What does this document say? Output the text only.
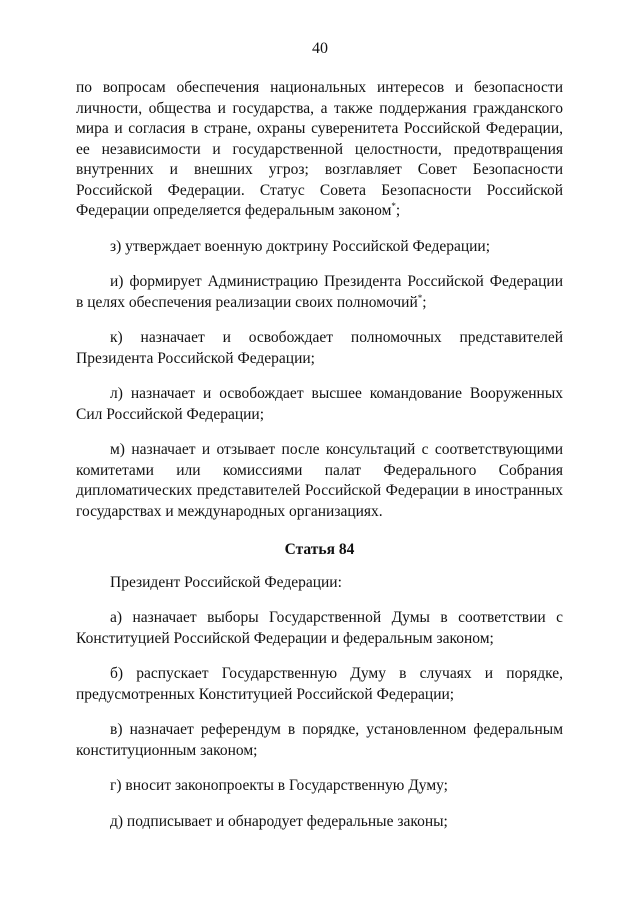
40
по вопросам обеспечения национальных интересов и безопасности личности, общества и государства, а также поддержания гражданского мира и согласия в стране, охраны суверенитета Российской Федерации, ее независимости и государственной целостности, предотвращения внутренних и внешних угроз; возглавляет Совет Безопасности Российской Федерации. Статус Совета Безопасности Российской Федерации определяется федеральным законом*;
з) утверждает военную доктрину Российской Федерации;
и) формирует Администрацию Президента Российской Федерации в целях обеспечения реализации своих полномочий*;
к) назначает и освобождает полномочных представителей Президента Российской Федерации;
л) назначает и освобождает высшее командование Вооруженных Сил Российской Федерации;
м) назначает и отзывает после консультаций с соответствующими комитетами или комиссиями палат Федерального Собрания дипломатических представителей Российской Федерации в иностранных государствах и международных организациях.
Статья 84
Президент Российской Федерации:
а) назначает выборы Государственной Думы в соответствии с Конституцией Российской Федерации и федеральным законом;
б) распускает Государственную Думу в случаях и порядке, предусмотренных Конституцией Российской Федерации;
в) назначает референдум в порядке, установленном федеральным конституционным законом;
г) вносит законопроекты в Государственную Думу;
д) подписывает и обнародует федеральные законы;
